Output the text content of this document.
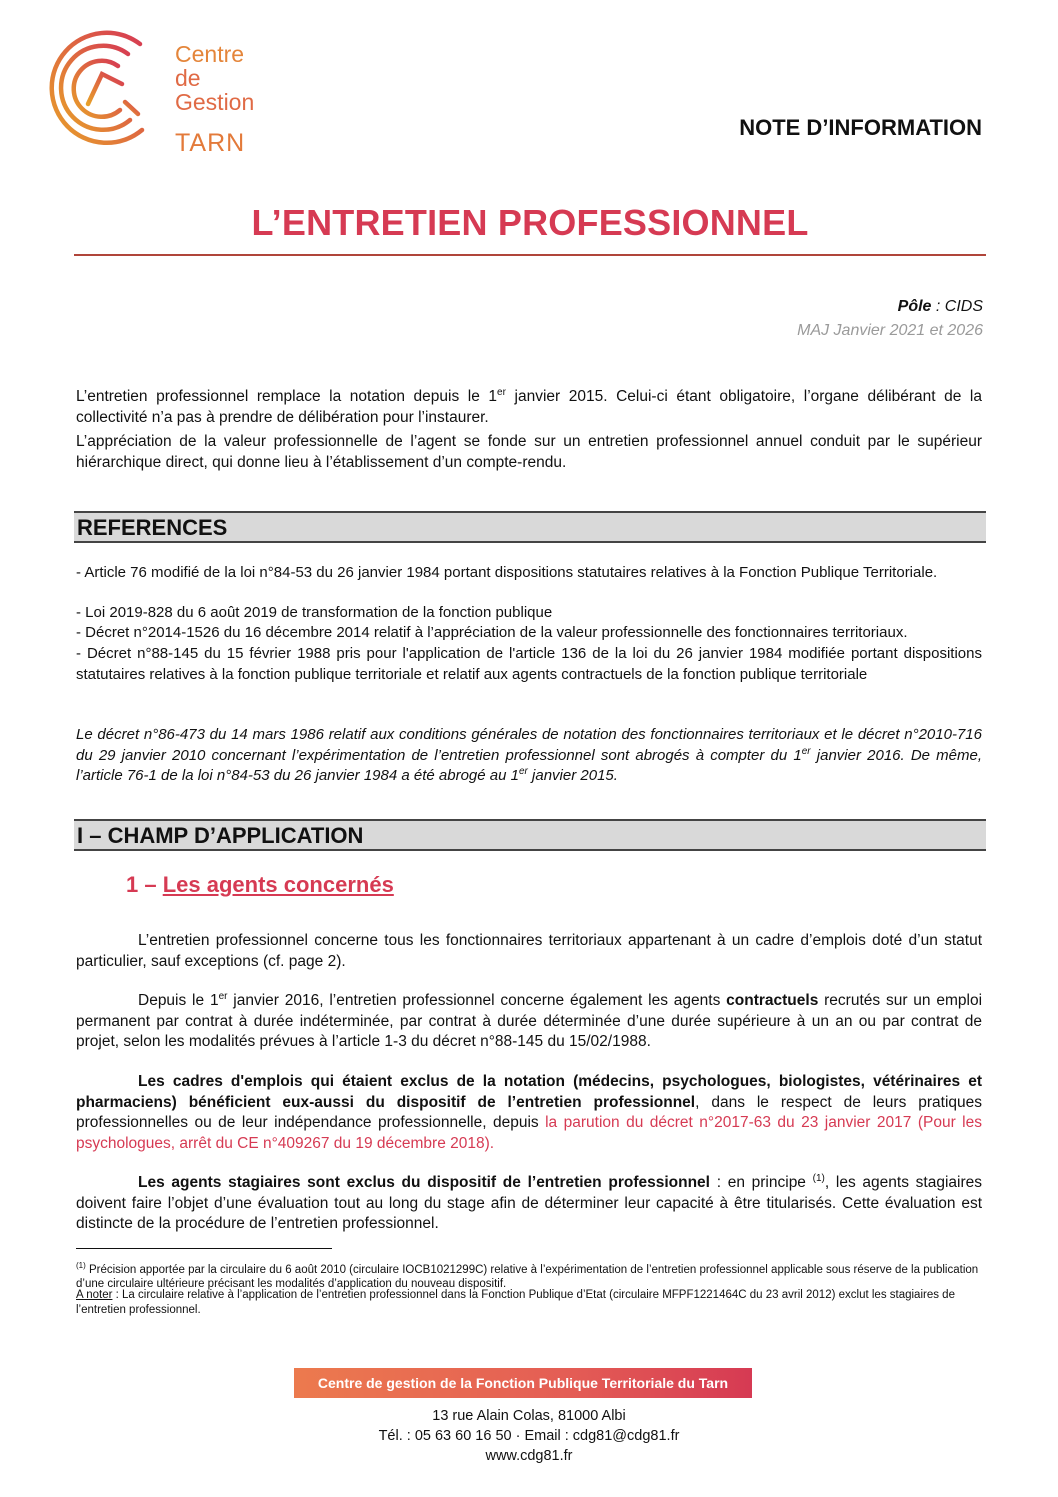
Centre
de Gestion
TARN
NOTE D’INFORMATION
L’ENTRETIEN PROFESSIONNEL
Pôle : CIDS
MAJ Janvier 2021 et 2026
L’entretien professionnel remplace la notation depuis le 1er janvier 2015. Celui-ci étant obligatoire, l’organe délibérant de la collectivité n’a pas à prendre de délibération pour l’instaurer.
L’appréciation de la valeur professionnelle de l’agent se fonde sur un entretien professionnel annuel conduit par le supérieur hiérarchique direct, qui donne lieu à l’établissement d’un compte-rendu.
REFERENCES
- Article 76 modifié de la loi n°84-53 du 26 janvier 1984 portant dispositions statutaires relatives à la Fonction Publique Territoriale.
- Loi 2019-828 du 6 août 2019 de transformation de la fonction publique
- Décret n°2014-1526 du 16 décembre 2014 relatif à l’appréciation de la valeur professionnelle des fonctionnaires territoriaux.
- Décret n°88-145 du 15 février 1988 pris pour l'application de l'article 136 de la loi du 26 janvier 1984 modifiée portant dispositions statutaires relatives à la fonction publique territoriale et relatif aux agents contractuels de la fonction publique territoriale
Le décret n°86-473 du 14 mars 1986 relatif aux conditions générales de notation des fonctionnaires territoriaux et le décret n°2010-716 du 29 janvier 2010 concernant l’expérimentation de l’entretien professionnel sont abrogés à compter du 1er janvier 2016. De même, l’article 76-1 de la loi n°84-53 du 26 janvier 1984 a été abrogé au 1er janvier 2015.
I – CHAMP D’APPLICATION
1 – Les agents concernés
L’entretien professionnel concerne tous les fonctionnaires territoriaux appartenant à un cadre d’emplois doté d’un statut particulier, sauf exceptions (cf. page 2).
Depuis le 1er janvier 2016, l’entretien professionnel concerne également les agents contractuels recrutés sur un emploi permanent par contrat à durée indéterminée, par contrat à durée déterminée d’une durée supérieure à un an ou par contrat de projet, selon les modalités prévues à l’article 1-3 du décret n°88-145 du 15/02/1988.
Les cadres d'emplois qui étaient exclus de la notation (médecins, psychologues, biologistes, vétérinaires et pharmaciens) bénéficient eux-aussi du dispositif de l’entretien professionnel, dans le respect de leurs pratiques professionnelles ou de leur indépendance professionnelle, depuis la parution du décret n°2017-63 du 23 janvier 2017 (Pour les psychologues, arrêt du CE n°409267 du 19 décembre 2018).
Les agents stagiaires sont exclus du dispositif de l’entretien professionnel : en principe $^{(1)}$, les agents stagiaires doivent faire l’objet d’une évaluation tout au long du stage afin de déterminer leur capacité à être titularisés. Cette évaluation est distincte de la procédure de l’entretien professionnel.
$^{(1)}$ Précision apportée par la circulaire du 6 août 2010 (circulaire IOCB1021299C) relative à l’expérimentation de l’entretien professionnel applicable sous réserve de la publication d’une circulaire ultérieure précisant les modalités d’application du nouveau dispositif.
A noter : La circulaire relative à l’application de l’entretien professionnel dans la Fonction Publique d’Etat (circulaire MFPF1221464C du 23 avril 2012) exclut les stagiaires de l’entretien professionnel.
Centre de gestion de la Fonction Publique Territoriale du Tarn
13 rue Alain Colas, 81000 Albi
Tél. : 05 63 60 16 50 · Email : cdg81@cdg81.fr
www.cdg81.fr
